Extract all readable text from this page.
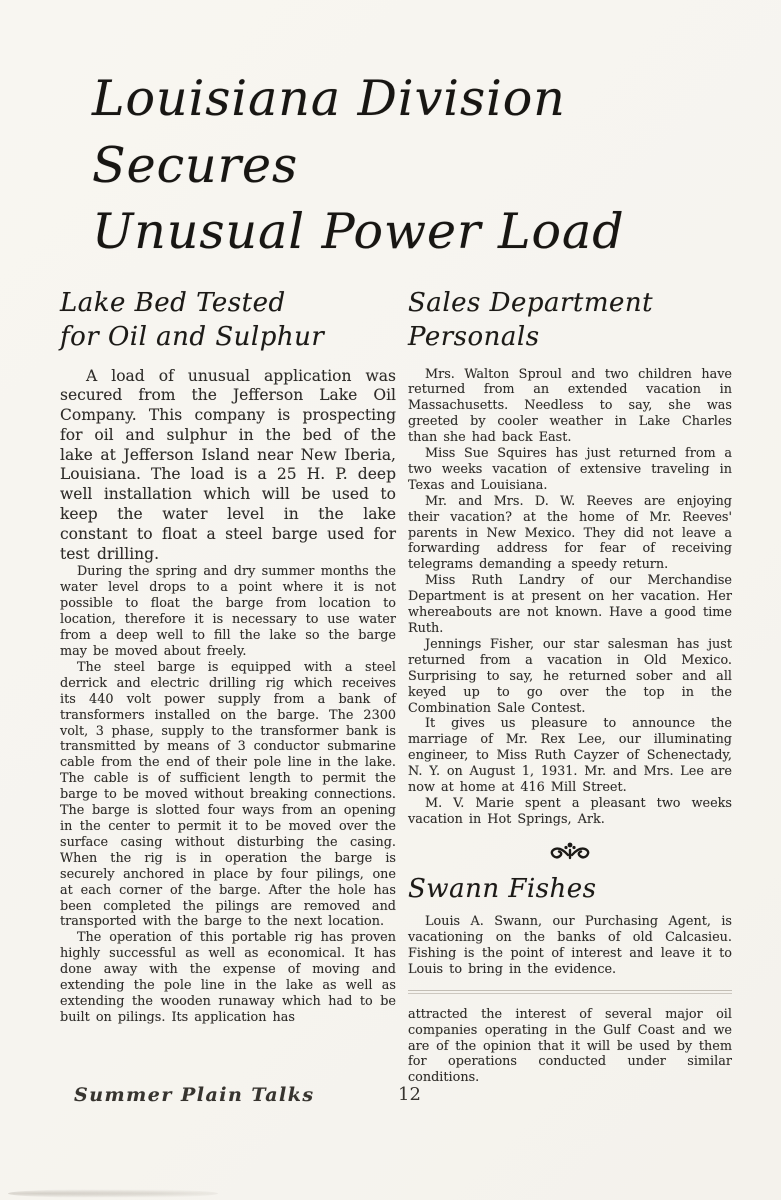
Louisiana Division Secures
Unusual Power Load
Lake Bed Tested
for Oil and Sulphur

A load of unusual application was secured from the Jefferson Lake Oil Company. This company is prospecting for oil and sulphur in the bed of the lake at Jefferson Island near New Iberia, Louisiana. The load is a 25 H. P. deep well installation which will be used to keep the water level in the lake constant to float a steel barge used for test drilling.

During the spring and dry summer months the water level drops to a point where it is not possible to float the barge from location to location, therefore it is necessary to use water from a deep well to fill the lake so the barge may be moved about freely.

The steel barge is equipped with a steel derrick and electric drilling rig which receives its 440 volt power supply from a bank of transformers installed on the barge. The 2300 volt, 3 phase, supply to the transformer bank is transmitted by means of 3 conductor submarine cable from the end of their pole line in the lake. The cable is of sufficient length to permit the barge to be moved without breaking connections. The barge is slotted four ways from an opening in the center to permit it to be moved over the surface casing without disturbing the casing. When the rig is in operation the barge is securely anchored in place by four pilings, one at each corner of the barge. After the hole has been completed the pilings are removed and transported with the barge to the next location.

The operation of this portable rig has proven highly successful as well as economical. It has done away with the expense of moving and extending the pole line in the lake as well as extending the wooden runaway which had to be built on pilings. Its application has

Sales Department
Personals

Mrs. Walton Sproul and two children have returned from an extended vacation in Massachusetts. Needless to say, she was greeted by cooler weather in Lake Charles than she had back East.

Miss Sue Squires has just returned from a two weeks vacation of extensive traveling in Texas and Louisiana.

Mr. and Mrs. D. W. Reeves are enjoying their vacation? at the home of Mr. Reeves' parents in New Mexico. They did not leave a forwarding address for fear of receiving telegrams demanding a speedy return.

Miss Ruth Landry of our Merchandise Department is at present on her vacation. Her whereabouts are not known. Have a good time Ruth.

Jennings Fisher, our star salesman has just returned from a vacation in Old Mexico. Surprising to say, he returned sober and all keyed up to go over the top in the Combination Sale Contest.

It gives us pleasure to announce the marriage of Mr. Rex Lee, our illuminating engineer, to Miss Ruth Cayzer of Schenectady, N. Y. on August 1, 1931. Mr. and Mrs. Lee are now at home at 416 Mill Street.

M. V. Marie spent a pleasant two weeks vacation in Hot Springs, Ark.

Swann Fishes

Louis A. Swann, our Purchasing Agent, is vacationing on the banks of old Calcasieu. Fishing is the point of interest and leave it to Louis to bring in the evidence.

attracted the interest of several major oil companies operating in the Gulf Coast and we are of the opinion that it will be used by them for operations conducted under similar conditions.

Summer Plain Talks	12
